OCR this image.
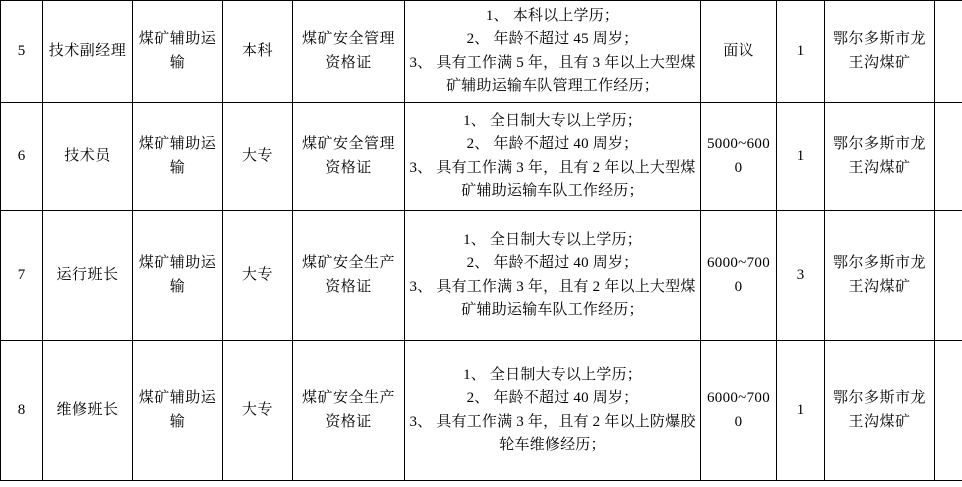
5	技术副经理	煤矿辅助运输	本科	煤矿安全管理资格证	1、 本科以上学历；
2、 年龄不超过 45 周岁；
3、 具有工作满 5 年，且有 3 年以上大型煤矿辅助运输车队管理工作经历；	面议	1	鄂尔多斯市龙王沟煤矿	
6	技术员	煤矿辅助运输	大专	煤矿安全管理资格证	1、 全日制大专以上学历；
2、 年龄不超过 40 周岁；
3、 具有工作满 3 年，且有 2 年以上大型煤矿辅助运输车队工作经历；	5000~6000	1	鄂尔多斯市龙王沟煤矿	
7	运行班长	煤矿辅助运输	大专	煤矿安全生产资格证	1、 全日制大专以上学历；
2、 年龄不超过 40 周岁；
3、 具有工作满 3 年，且有 2 年以上大型煤矿辅助运输车队工作经历；	6000~7000	3	鄂尔多斯市龙王沟煤矿	
8	维修班长	煤矿辅助运输	大专	煤矿安全生产资格证	1、 全日制大专以上学历；
2、 年龄不超过 40 周岁；
3、 具有工作满 3 年，且有 2 年以上防爆胶轮车维修经历；	6000~7000	1	鄂尔多斯市龙王沟煤矿	
